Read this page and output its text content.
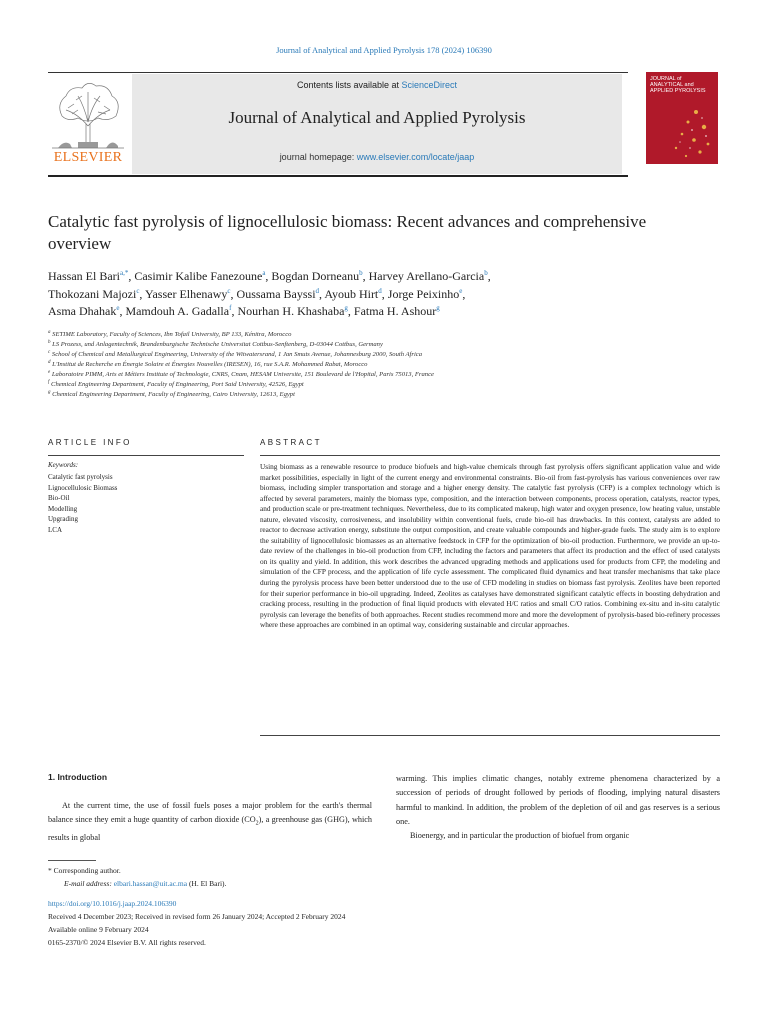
Journal of Analytical and Applied Pyrolysis 178 (2024) 106390
Contents lists available at ScienceDirect
Journal of Analytical and Applied Pyrolysis
journal homepage: www.elsevier.com/locate/jaap
ELSEVIER
JOURNAL of ANALYTICAL and APPLIED PYROLYSIS
Catalytic fast pyrolysis of lignocellulosic biomass: Recent advances and comprehensive overview
Hassan El Bari$^{a,*}$, Casimir Kalibe Fanezoune$^a$, Bogdan Dorneanu$^b$, Harvey Arellano-Garcia$^b$,
Thokozani Majozi$^c$, Yasser Elhenawy$^c$, Oussama Bayssi$^d$, Ayoub Hirt$^d$, Jorge Peixinho$^e$,
Asma Dhahak$^e$, Mamdouh A. Gadalla$^f$, Nourhan H. Khashaba$^g$, Fatma H. Ashour$^g$
$^a$ SETIME Laboratory, Faculty of Sciences, Ibn Tofail University, BP 133, Kénitra, Morocco
$^b$ LS Prozess, und Anlagentechnik, Brandenburgische Technische Universitat Cottbus-Senftenberg, D-03044 Cottbus, Germany
$^c$ School of Chemical and Metallurgical Engineering, University of the Witwatersrand, 1 Jan Smuts Avenue, Johannesburg 2000, South Africa
$^d$ L'Institut de Recherche en Énergie Solaire et Énergies Nouvelles (IRESEN), 16, rue S.A.R. Mohammed Rabat, Morocco
$^e$ Laboratoire PIMM, Arts et Métiers Institute of Technologie, CNRS, Cnam, HESAM Universite, 151 Boulevard de l'Hopital, Paris 75013, France
$^f$ Chemical Engineering Department, Faculty of Engineering, Port Said University, 42526, Egypt
$^g$ Chemical Engineering Department, Faculty of Engineering, Cairo University, 12613, Egypt
ARTICLE INFO
Keywords:
Catalytic fast pyrolysis
Lignocellulosic Biomass
Bio-Oil
Modelling
Upgrading
LCA
ABSTRACT
Using biomass as a renewable resource to produce biofuels and high-value chemicals through fast pyrolysis offers significant application value and wide market possibilities, especially in light of the current energy and environmental constraints. Bio-oil from fast-pyrolysis has various conveniences over raw biomass, including simpler transportation and storage and a higher energy density. The catalytic fast pyrolysis (CFP) is a complex technology which is affected by several parameters, mainly the biomass type, composition, and the interaction between components, process operation, catalysts, reactor types, and production scale or pre-treatment techniques. Nevertheless, due to its complicated makeup, high water and oxygen presence, low heating value, unstable nature, elevated viscosity, corrosiveness, and insolubility within conventional fuels, crude bio-oil has drawbacks. In this context, catalysts are added to reactor to decrease activation energy, substitute the output composition, and create valuable compounds and higher-grade fuels. The study aim is to explore the suitability of lignocellulosic biomasses as an alternative feedstock in CFP for the optimization of bio-oil production. Furthermore, we provide an up-to-date review of the challenges in bio-oil production from CFP, including the factors and parameters that affect its production and the effect of used catalysts on its quality and yield. In addition, this work describes the advanced upgrading methods and applications used for products from CFP, the modeling and simulation of the CFP process, and the application of life cycle assessment. The complicated fluid dynamics and heat transfer mechanisms that take place during the pyrolysis process have been better understood due to the use of CFD modeling in studies on biomass fast pyrolysis. Zeolites have been reported for their superior performance in bio-oil upgrading. Indeed, Zeolites as catalyses have demonstrated significant catalytic effects in boosting dehydration and cracking process, resulting in the production of final liquid products with elevated H/C ratios and small C/O ratios. Combining ex-situ and in-situ catalytic pyrolysis can leverage the benefits of both approaches. Recent studies recommend more and more the development of pyrolysis-based bio-refinery processes where these approaches are combined in an optimal way, considering sustainable and circular approaches.
1. Introduction
At the current time, the use of fossil fuels poses a major problem for the earth's thermal balance since they emit a huge quantity of carbon dioxide $(CO_2)$, a greenhouse gas (GHG), which results in global

warming. This implies climatic changes, notably extreme phenomena characterized by a succession of periods of drought followed by periods of flooding, implying natural disasters harmful to mankind. In addition, the problem of the depletion of oil and gas reserves is a serious one.

Bioenergy, and in particular the production of biofuel from organic

* Corresponding author.
E-mail address: elbari.hassan@uit.ac.ma (H. El Bari).
https://doi.org/10.1016/j.jaap.2024.106390
Received 4 December 2023; Received in revised form 26 January 2024; Accepted 2 February 2024
Available online 9 February 2024
0165-2370/© 2024 Elsevier B.V. All rights reserved.
